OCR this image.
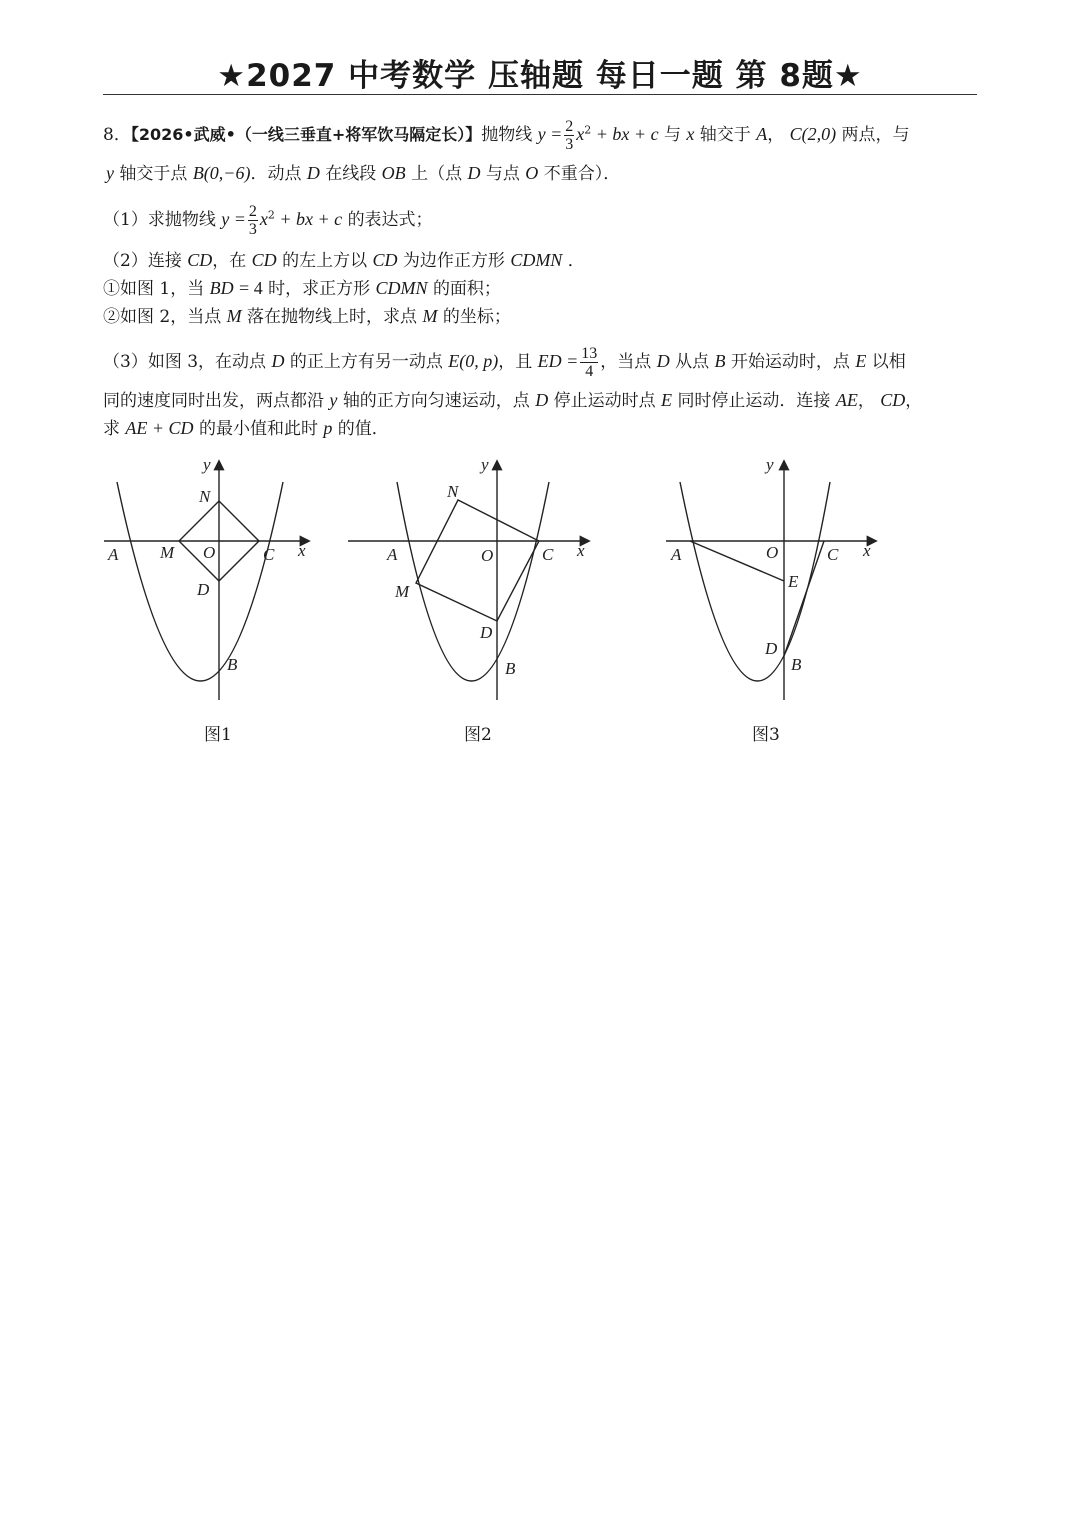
★2027 中考数学 压轴题 每日一题 第 8题★
8．【2026•武威•（一线三垂直+将军饮马隔定长）】抛物线 $y = \frac{2}{3} x^2$ + bx + c 与 x 轴交于 A， C(2,0) 两点，与
y 轴交于点 B(0,−6)．动点 D 在线段 OB 上（点 D 与点 O 不重合）．
（1）求抛物线 $y = \frac{2}{3} x^2$ + bx + c 的表达式；
（2）连接 CD，在 CD 的左上方以 CD 为边作正方形 CDMN ．
①如图 1，当 BD = 4 时，求正方形 CDMN 的面积；
②如图 2，当点 M 落在抛物线上时，求点 M 的坐标；
（3）如图 3，在动点 D 的正上方有另一动点 E(0, p)，且 ED = $\frac{13}{4}$ ，当点 D 从点 B 开始运动时，点 E 以相
同的速度同时出发，两点都沿 y 轴的正方向匀速运动，点 D 停止运动时点 E 同时停止运动．连接 AE， CD，
求 AE + CD 的最小值和此时 p 的值．
y
x
N
A M O	C
D
B
y
x
N
A	O	C
M
D
B
y
x
A	O	C
E
D
B
图1	图2	图3
